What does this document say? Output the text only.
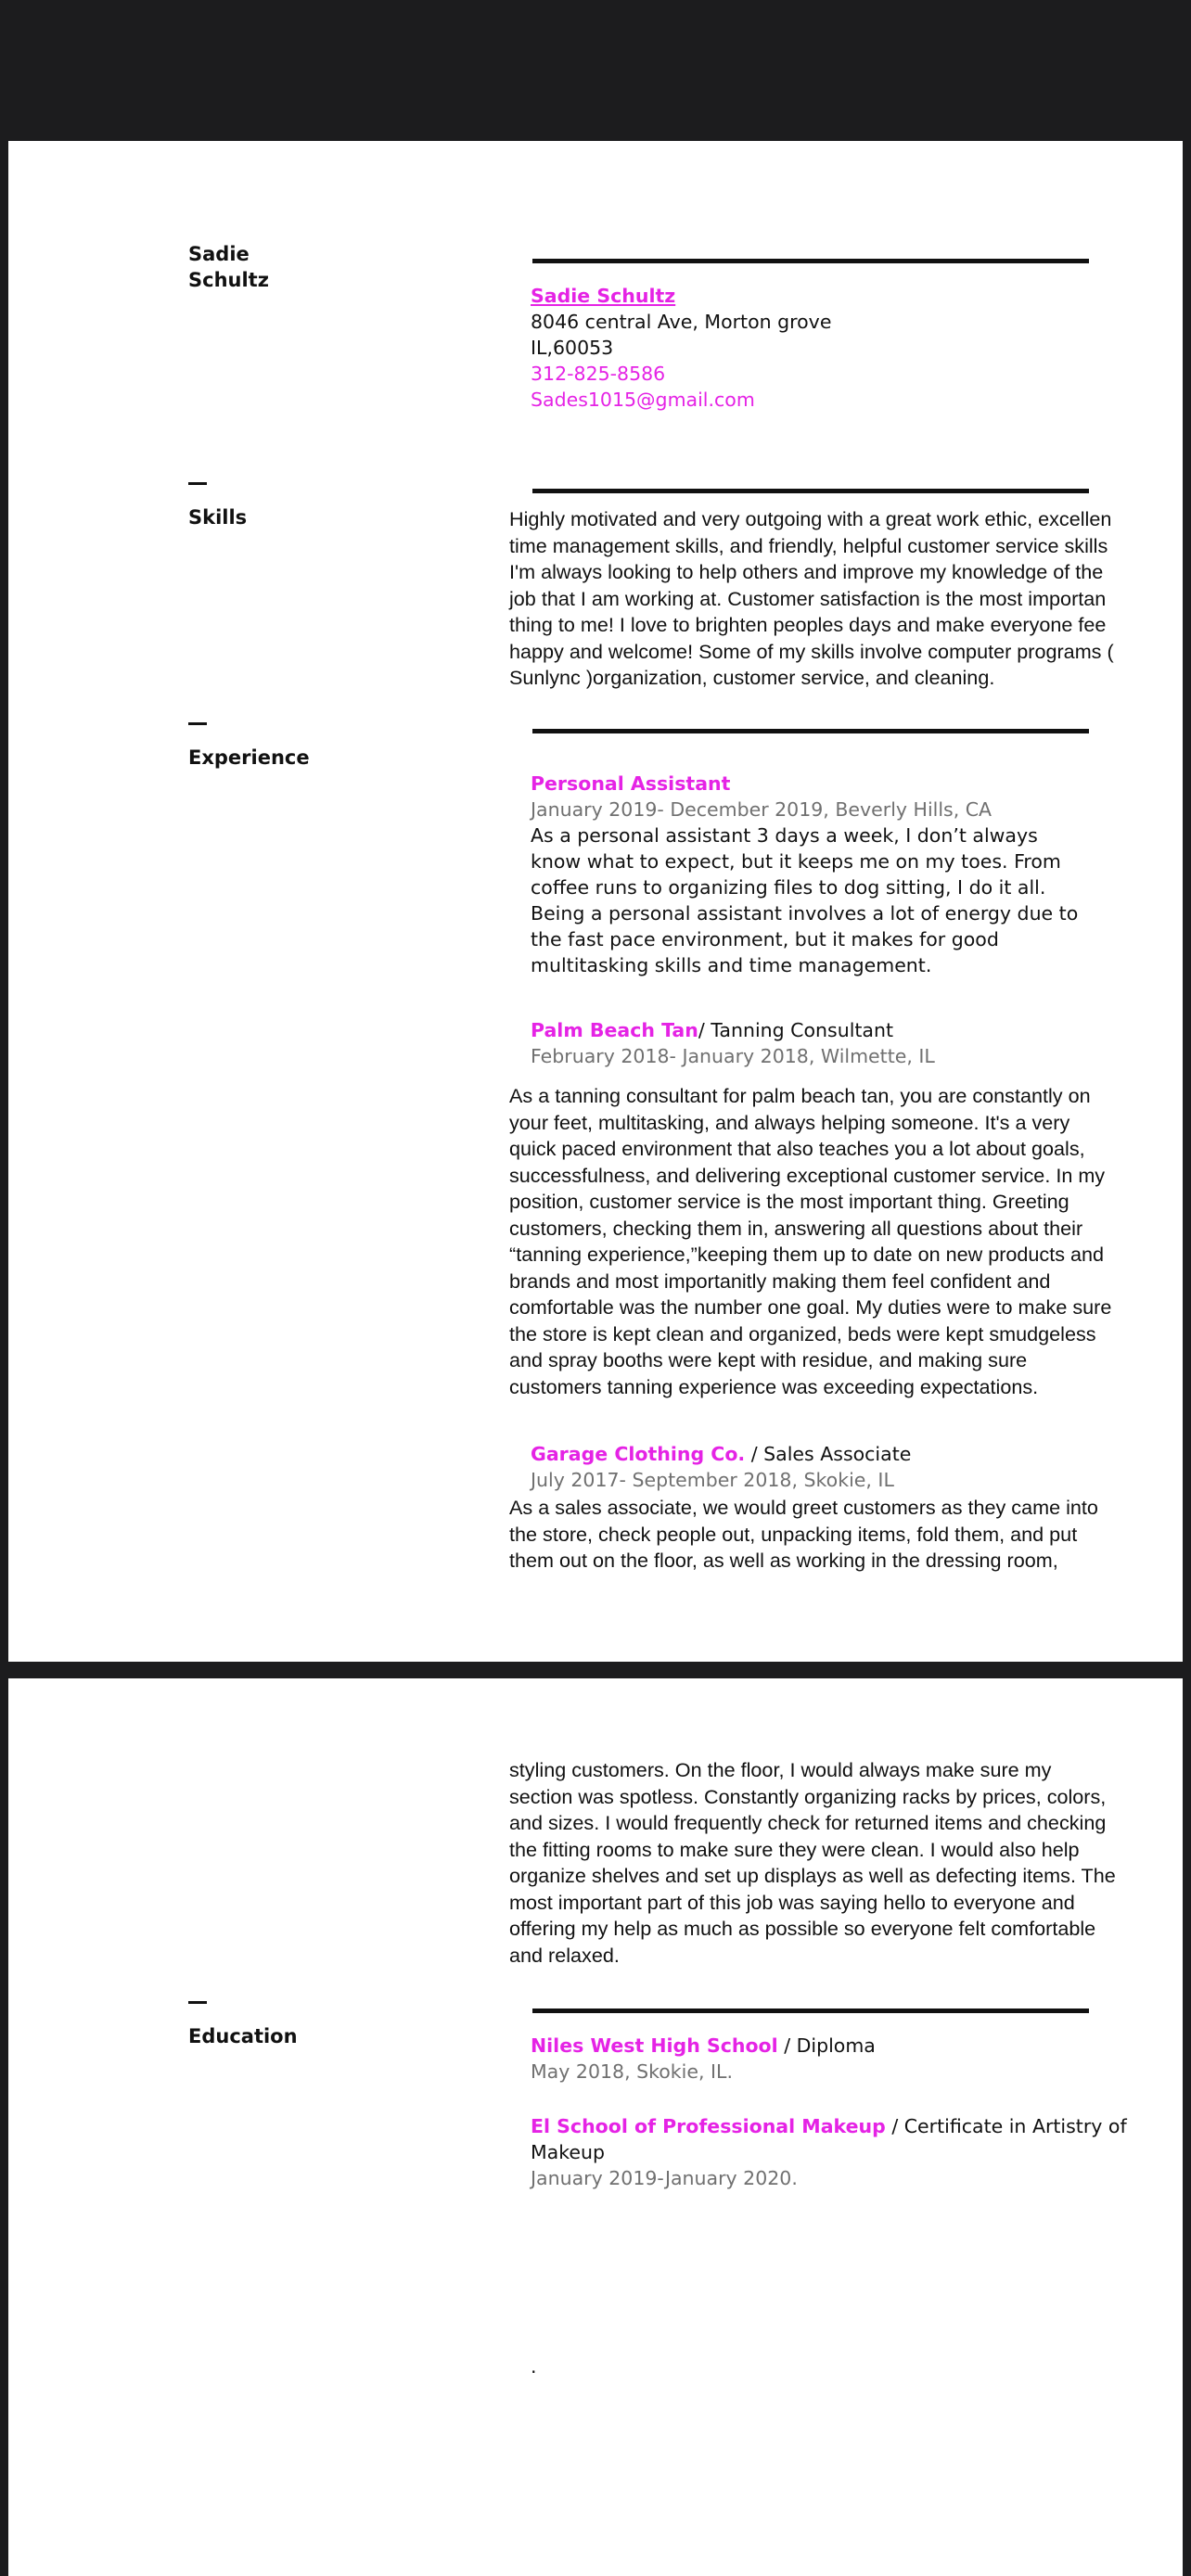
Sadie
Schultz
Sadie Schultz
8046 central Ave, Morton grove
IL,60053
312-825-8586
Sades1015@gmail.com
Skills	Highly motivated and very outgoing with a great work ethic, excellen
time management skills, and friendly, helpful customer service skills
I'm always looking to help others and improve my knowledge of the
job that I am working at. Customer satisfaction is the most importan
thing to me! I love to brighten peoples days and make everyone fee
happy and welcome! Some of my skills involve computer programs (
Sunlync )organization, customer service, and cleaning.
Experience
Personal Assistant
January 2019- December 2019, Beverly Hills, CA
As a personal assistant 3 days a week, I don’t always know what to expect, but it keeps me on my toes. From coffee runs to organizing files to dog sitting, I do it all. Being a personal assistant involves a lot of energy due to the fast pace environment, but it makes for good multitasking skills and time management.
Palm Beach Tan/ Tanning Consultant
February 2018- January 2018, Wilmette, IL
As a tanning consultant for palm beach tan, you are constantly on
your feet, multitasking, and always helping someone. It's a very
quick paced environment that also teaches you a lot about goals,
successfulness, and delivering exceptional customer service. In my
position, customer service is the most important thing. Greeting
customers, checking them in, answering all questions about their
“tanning experience,”keeping them up to date on new products and
brands and most importanitly making them feel confident and
comfortable was the number one goal. My duties were to make sure
the store is kept clean and organized, beds were kept smudgeless
and spray booths were kept with residue, and making sure
customers tanning experience was exceeding expectations.
Garage Clothing Co. / Sales Associate
July 2017- September 2018, Skokie, IL
As a sales associate, we would greet customers as they came into
the store, check people out, unpacking items, fold them, and put
them out on the floor, as well as working in the dressing room,
styling customers. On the floor, I would always make sure my
section was spotless. Constantly organizing racks by prices, colors,
and sizes. I would frequently check for returned items and checking
the fitting rooms to make sure they were clean. I would also help
organize shelves and set up displays as well as defecting items. The
most important part of this job was saying hello to everyone and
offering my help as much as possible so everyone felt comfortable
and relaxed.
Education	Niles West High School / Diploma
May 2018, Skokie, IL.
El School of Professional Makeup / Certificate in Artistry of
Makeup
January 2019-January 2020.
.
